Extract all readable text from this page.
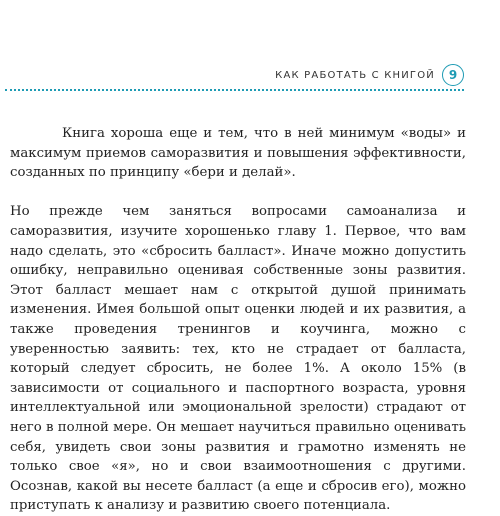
КАК РАБОТАТЬ С КНИГОЙ	9

Книга хороша еще и тем, что в ней минимум «воды» и максимум приемов саморазвития и повышения эффективности, созданных по принципу «бери и делай».

Но прежде чем заняться вопросами самоанализа и саморазвития, изучите хорошенько главу 1. Первое, что вам надо сделать, это «сбросить балласт». Иначе можно допустить ошибку, неправильно оценивая собственные зоны развития. Этот балласт мешает нам с открытой душой принимать изменения. Имея большой опыт оценки людей и их развития, а также проведения тренингов и коучинга, можно с уверенностью заявить: тех, кто не страдает от балласта, который следует сбросить, не более 1%. А около 15% (в зависимости от социального и паспортного возраста, уровня интеллектуальной или эмоциональной зрелости) страдают от него в полной мере. Он мешает научиться правильно оценивать себя, увидеть свои зоны развития и грамотно изменять не только свое «я», но и свои взаимоотношения с другими. Осознав, какой вы несете балласт (а еще и сбросив его), можно приступать к анализу и развитию своего потенциала.
